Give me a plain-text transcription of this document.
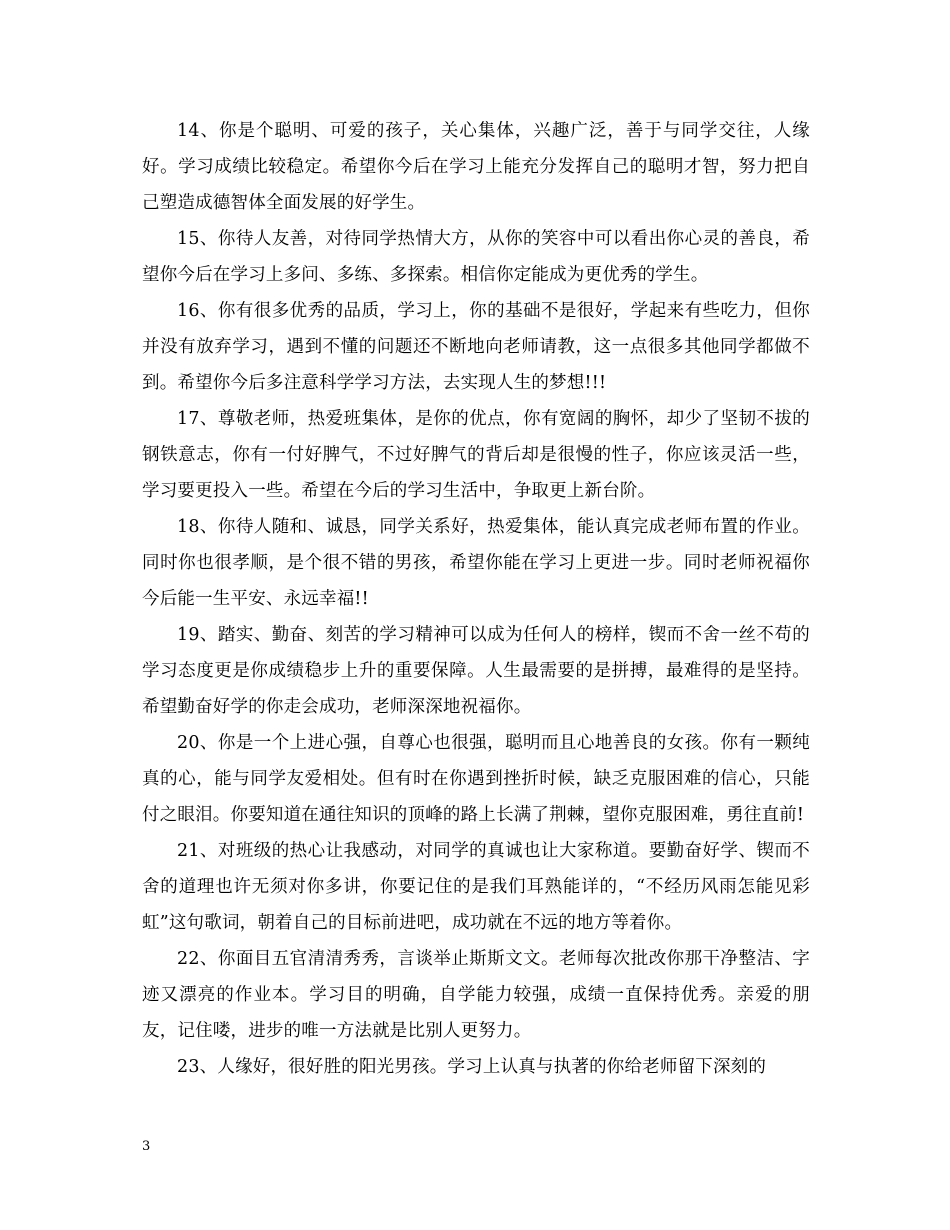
14、你是个聪明、可爱的孩子，关心集体，兴趣广泛，善于与同学交往，人缘好。学习成绩比较稳定。希望你今后在学习上能充分发挥自己的聪明才智，努力把自己塑造成德智体全面发展的好学生。

15、你待人友善，对待同学热情大方，从你的笑容中可以看出你心灵的善良，希望你今后在学习上多问、多练、多探索。相信你定能成为更优秀的学生。

16、你有很多优秀的品质，学习上，你的基础不是很好，学起来有些吃力，但你并没有放弃学习，遇到不懂的问题还不断地向老师请教，这一点很多其他同学都做不到。希望你今后多注意科学学习方法，去实现人生的梦想!!!

17、尊敬老师，热爱班集体，是你的优点，你有宽阔的胸怀，却少了坚韧不拔的钢铁意志，你有一付好脾气，不过好脾气的背后却是很慢的性子，你应该灵活一些，学习要更投入一些。希望在今后的学习生活中，争取更上新台阶。

18、你待人随和、诚恳，同学关系好，热爱集体，能认真完成老师布置的作业。同时你也很孝顺，是个很不错的男孩，希望你能在学习上更进一步。同时老师祝福你今后能一生平安、永远幸福!!

19、踏实、勤奋、刻苦的学习精神可以成为任何人的榜样，锲而不舍一丝不苟的学习态度更是你成绩稳步上升的重要保障。人生最需要的是拼搏，最难得的是坚持。希望勤奋好学的你走会成功，老师深深地祝福你。

20、你是一个上进心强，自尊心也很强，聪明而且心地善良的女孩。你有一颗纯真的心，能与同学友爱相处。但有时在你遇到挫折时候，缺乏克服困难的信心，只能付之眼泪。你要知道在通往知识的顶峰的路上长满了荆棘，望你克服困难，勇往直前!

21、对班级的热心让我感动，对同学的真诚也让大家称道。要勤奋好学、锲而不舍的道理也许无须对你多讲，你要记住的是我们耳熟能详的，“不经历风雨怎能见彩虹”这句歌词，朝着自己的目标前进吧，成功就在不远的地方等着你。

22、你面目五官清清秀秀，言谈举止斯斯文文。老师每次批改你那干净整洁、字迹又漂亮的作业本。学习目的明确，自学能力较强，成绩一直保持优秀。亲爱的朋友，记住喽，进步的唯一方法就是比别人更努力。

23、人缘好，很好胜的阳光男孩。学习上认真与执著的你给老师留下深刻的

3
